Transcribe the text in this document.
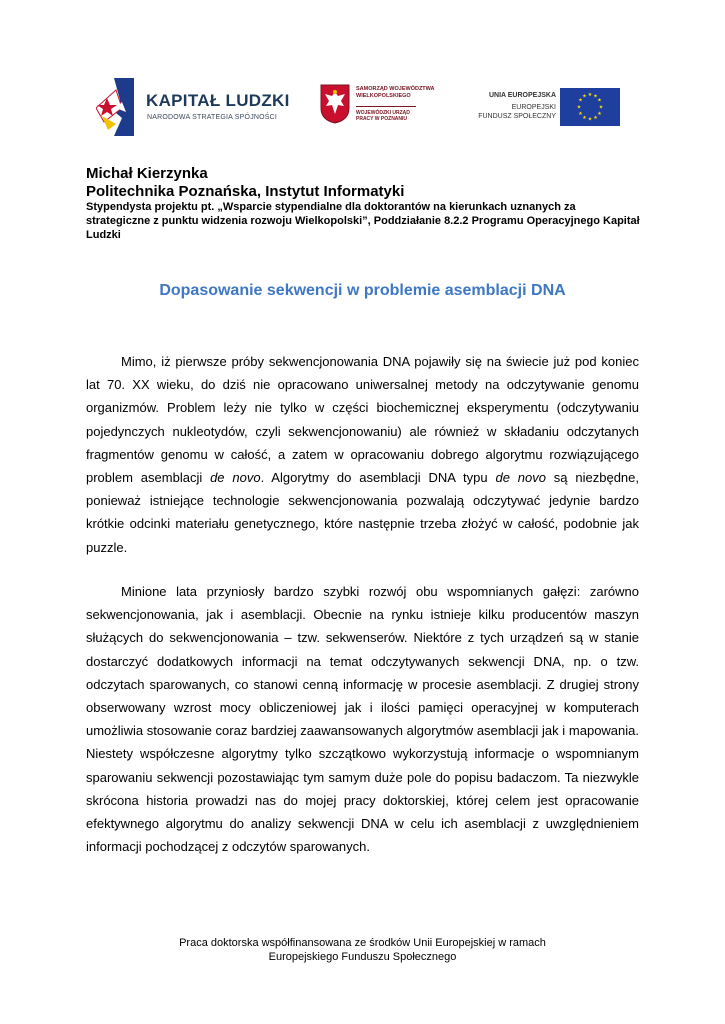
KAPITAŁ LUDZKI
NARODOWA STRATEGIA SPÓJNOŚCI
SAMORZĄD WOJEWÓDZTWA WIELKOPOLSKIEGO
WOJEWÓDZKI URZĄD PRACY W POZNANIU
UNIA EUROPEJSKA
EUROPEJSKI
FUNDUSZ SPOŁECZNY
★ ★
★
★
★
★
★
★
★
★
★
★
Michał Kierzynka
Politechnika Poznańska, Instytut Informatyki
Stypendysta projektu pt. „Wsparcie stypendialne dla doktorantów na kierunkach uznanych za strategiczne z punktu widzenia rozwoju Wielkopolski”, Poddziałanie 8.2.2 Programu Operacyjnego Kapitał Ludzki
Dopasowanie sekwencji w problemie asemblacji DNA

Mimo, iż pierwsze próby sekwencjonowania DNA pojawiły się na świecie już pod koniec lat 70. XX wieku, do dziś nie opracowano uniwersalnej metody na odczytywanie genomu organizmów. Problem leży nie tylko w części biochemicznej eksperymentu (odczytywaniu pojedynczych nukleotydów, czyli sekwencjonowaniu) ale również w składaniu odczytanych fragmentów genomu w całość, a zatem w opracowaniu dobrego algorytmu rozwiązującego problem asemblacji de novo. Algorytmy do asemblacji DNA typu de novo są niezbędne, ponieważ istniejące technologie sekwencjonowania pozwalają odczytywać jedynie bardzo krótkie odcinki materiału genetycznego, które następnie trzeba złożyć w całość, podobnie jak puzzle.

Minione lata przyniosły bardzo szybki rozwój obu wspomnianych gałęzi: zarówno sekwencjonowania, jak i asemblacji. Obecnie na rynku istnieje kilku producentów maszyn służących do sekwencjonowania – tzw. sekwenserów. Niektóre z tych urządzeń są w stanie dostarczyć dodatkowych informacji na temat odczytywanych sekwencji DNA, np. o tzw. odczytach sparowanych, co stanowi cenną informację w procesie asemblacji. Z drugiej strony obserwowany wzrost mocy obliczeniowej jak i ilości pamięci operacyjnej w komputerach umożliwia stosowanie coraz bardziej zaawansowanych algorytmów asemblacji jak i mapowania. Niestety współczesne algorytmy tylko szczątkowo wykorzystują informacje o wspomnianym sparowaniu sekwencji pozostawiając tym samym duże pole do popisu badaczom. Ta niezwykle skrócona historia prowadzi nas do mojej pracy doktorskiej, której celem jest opracowanie efektywnego algorytmu do analizy sekwencji DNA w celu ich asemblacji z uwzględnieniem informacji pochodzącej z odczytów sparowanych.

Praca doktorska współfinansowana ze środków Unii Europejskiej w ramach
Europejskiego Funduszu Społecznego
